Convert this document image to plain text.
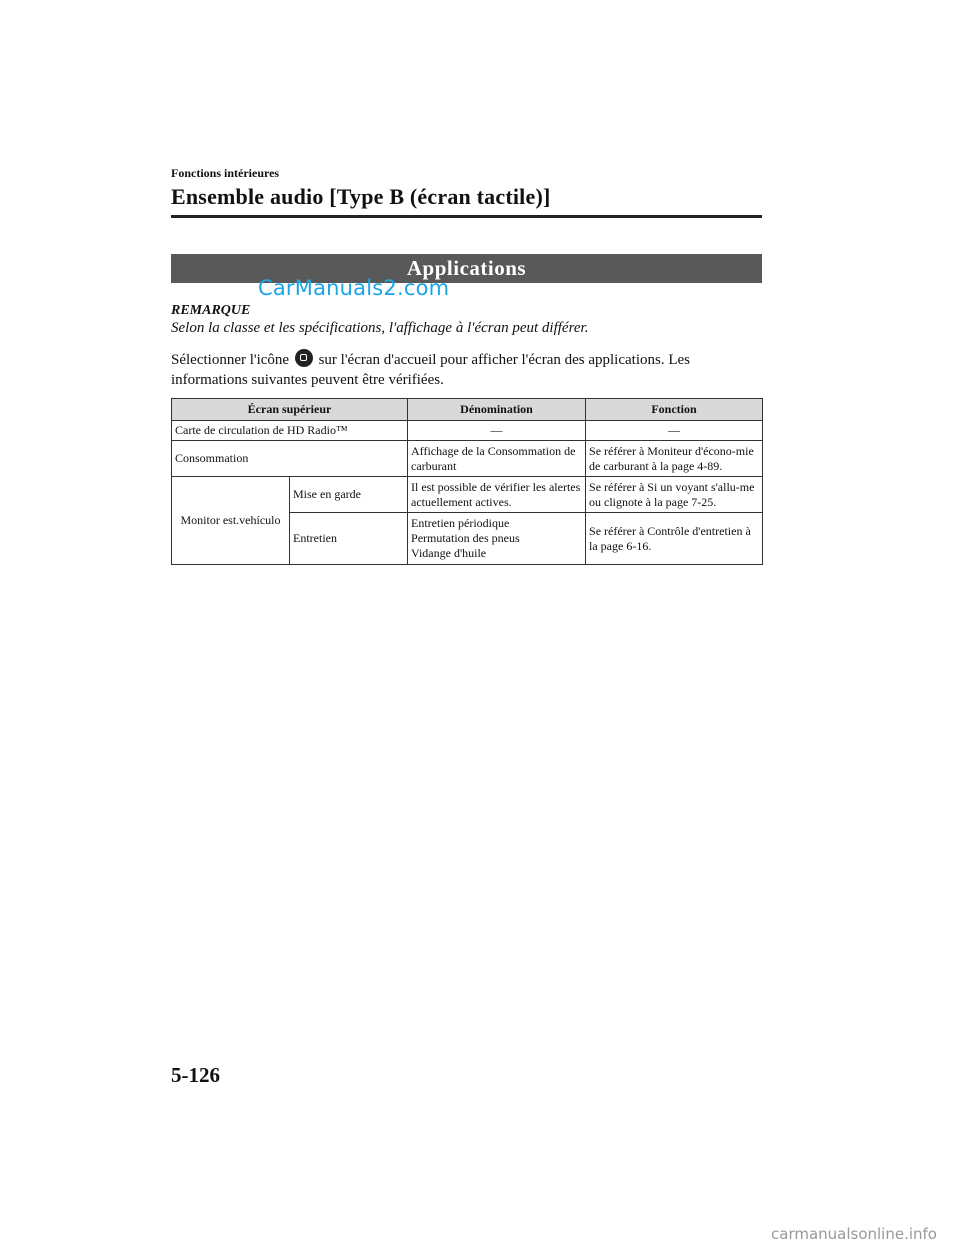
Fonctions intérieures
Ensemble audio [Type B (écran tactile)]
Applications
CarManuals2.com
REMARQUE
Selon la classe et les spécifications, l'affichage à l'écran peut différer.
Sélectionner l'icône sur l'écran d'accueil pour afficher l'écran des applications. Les informations suivantes peuvent être vérifiées.
Écran supérieur		Dénomination	Fonction
Carte de circulation de HD Radio™		—	—
Consommation		Affichage de la Consommation de carburant	Se référer à Moniteur d'écono-mie de carburant à la page 4-89.
Monitor est.vehículo	Mise en garde	Il est possible de vérifier les alertes actuellement actives.	Se référer à Si un voyant s'allu-me ou clignote à la page 7-25.
	Entretien	Entretien périodique
Permutation des pneus
Vidange d'huile	Se référer à Contrôle d'entretien à la page 6-16.
5-126
carmanualsonline.info
